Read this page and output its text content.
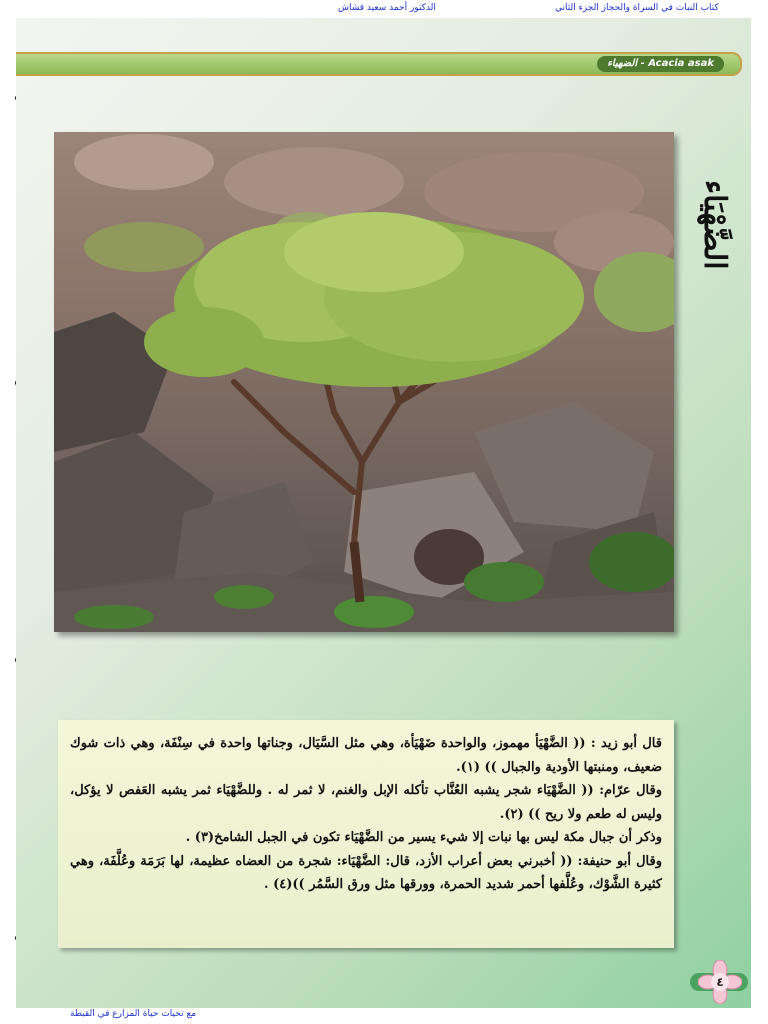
الدكتور أحمد سعيد قشاش	كتاب النبات في السراة والحجاز الجزء الثاني
الضهياء - Acacia asak
الضَّهْيَاء

قال أبو زيد : (( الضَّهْيَأ مهموز، والواحدة ضَهْيَأة، وهي مثل السَّيَال، وجناتها واحدة في سِنْفَة، وهي ذات شوك ضعيف، ومنبتها الأودية والجبال )) (١).

وقال عرّام: (( الضَّهْيَاء شجر يشبه العُنَّاب تأكله الإبل والغنم، لا ثمر له . وللضَّهْيَاء ثمر يشبه العَفص لا يؤكل، وليس له طعم ولا ريح )) (٢).

وذكر أن جبال مكة ليس بها نبات إلا شيء يسير من الضَّهْيَاء تكون في الجبل الشامخ(٣) .

وقال أبو حنيفة: (( أخبرني بعض أعراب الأزد، قال: الضَّهْيَاء: شجرة من العضاه عظيمة، لها بَرَمَة وعُلَّفَة، وهي كثيرة الشَّوْك، وعُلَّفها أحمر شديد الحمرة، وورقها مثل ورق السَّمُر ))(٤) .

٤
مع تحيات حياة المزارع في القبطة
